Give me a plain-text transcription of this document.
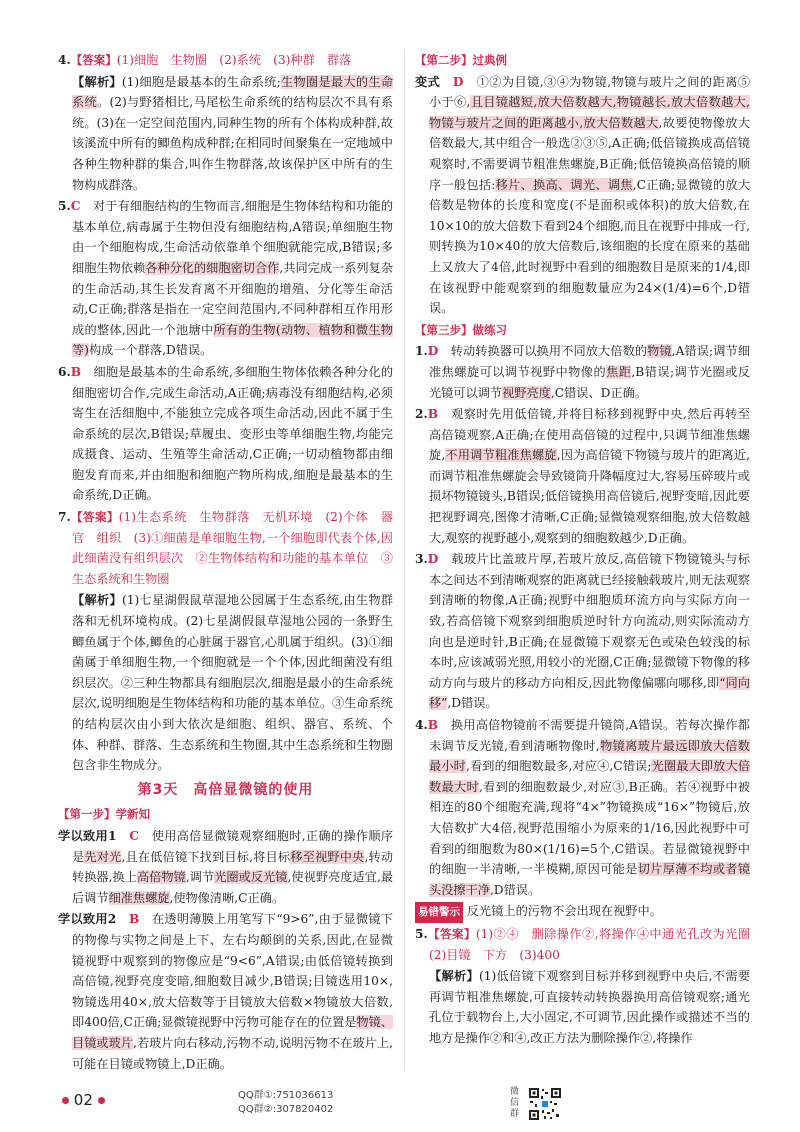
4.【答案】(1)细胞　生物圈　(2)系统　(3)种群　群落

【解析】(1)细胞是最基本的生命系统;生物圈是最大的生命系统。(2)与野猪相比,马尾松生命系统的结构层次不具有系统。(3)在一定空间范围内,同种生物的所有个体构成种群,故该溪流中所有的鲫鱼构成种群;在相同时间聚集在一定地域中各种生物种群的集合,叫作生物群落,故该保护区中所有的生物构成群落。

5.C　 对于有细胞结构的生物而言,细胞是生物体结构和功能的基本单位,病毒属于生物但没有细胞结构,A错误;单细胞生物由一个细胞构成,生命活动依靠单个细胞就能完成,B错误;多细胞生物依赖各种分化的细胞密切合作,共同完成一系列复杂的生命活动,其生长发育离不开细胞的增殖、分化等生命活动,C正确;群落是指在一定空间范围内,不同种群相互作用形成的整体,因此一个池塘中所有的生物(动物、植物和微生物等)构成一个群落,D错误。

6.B　 细胞是最基本的生命系统,多细胞生物体依赖各种分化的细胞密切合作,完成生命活动,A正确;病毒没有细胞结构,必须寄生在活细胞中,不能独立完成各项生命活动,因此不属于生命系统的层次,B错误;草履虫、变形虫等单细胞生物,均能完成摄食、运动、生殖等生命活动,C正确;一切动植物都由细胞发育而来,并由细胞和细胞产物所构成,细胞是最基本的生命系统,D正确。

7.【答案】(1)生态系统　生物群落　无机环境　(2)个体　器官　组织　(3)①细菌是单细胞生物,一个细胞即代表个体,因此细菌没有组织层次　②生物体结构和功能的基本单位　③生态系统和生物圈

【解析】(1)七星湖假鼠草湿地公园属于生态系统,由生物群落和无机环境构成。(2)七星湖假鼠草湿地公园的一条野生鲫鱼属于个体,鲫鱼的心脏属于器官,心肌属于组织。(3)①细菌属于单细胞生物,一个细胞就是一个个体,因此细菌没有组织层次。②三种生物都具有细胞层次,细胞是最小的生命系统层次,说明细胞是生物体结构和功能的基本单位。③生命系统的结构层次由小到大依次是细胞、组织、器官、系统、个体、种群、群落、生态系统和生物圈,其中生态系统和生物圈包含非生物成分。

第3天　高倍显微镜的使用

【第一步】学新知

学以致用1　 C　 使用高倍显微镜观察细胞时,正确的操作顺序是先对光,且在低倍镜下找到目标,将目标移至视野中央,转动转换器,换上高倍物镜,调节光圈或反光镜,使视野亮度适宜,最后调节细准焦螺旋,使物像清晰,C正确。

学以致用2　 B　 在透明薄膜上用笔写下“9>6”,由于显微镜下的物像与实物之间是上下、左右均颠倒的关系,因此,在显微镜视野中观察到的物像应是“9<6”,A错误;由低倍镜转换到高倍镜,视野亮度变暗,细胞数目减少,B错误;目镜选用10×,物镜选用40×,放大倍数等于目镜放大倍数×物镜放大倍数,即400倍,C正确;显微镜视野中污物可能存在的位置是物镜、目镜或玻片,若玻片向右移动,污物不动,说明污物不在玻片上,可能在目镜或物镜上,D正确。

【第二步】过典例

变式　 D　 ①②为目镜,③④为物镜,物镜与玻片之间的距离⑤小于⑥,且目镜越短,放大倍数越大,物镜越长,放大倍数越大,物镜与玻片之间的距离越小,放大倍数越大,故要使物像放大倍数最大,其中组合一般选②③⑤,A正确;低倍镜换成高倍镜观察时,不需要调节粗准焦螺旋,B正确;低倍镜换高倍镜的顺序一般包括:移片、换高、调光、调焦,C正确;显微镜的放大倍数是物体的长度和宽度(不是面积或体积)的放大倍数,在10×10的放大倍数下看到24个细胞,而且在视野中排成一行,则转换为10×40的放大倍数后,该细胞的长度在原来的基础上又放大了4倍,此时视野中看到的细胞数目是原来的1/4,即在该视野中能观察到的细胞数量应为24×(1/4)=6个,D错误。

【第三步】做练习

1.D　 转动转换器可以换用不同放大倍数的物镜,A错误;调节细准焦螺旋可以调节视野中物像的焦距,B错误;调节光圈或反光镜可以调节视野亮度,C错误、D正确。

2.B　 观察时先用低倍镜,并将目标移到视野中央,然后再转至高倍镜观察,A正确;在使用高倍镜的过程中,只调节细准焦螺旋,不用调节粗准焦螺旋,因为高倍镜下物镜与玻片的距离近,而调节粗准焦螺旋会导致镜筒升降幅度过大,容易压碎玻片或损坏物镜镜头,B错误;低倍镜换用高倍镜后,视野变暗,因此要把视野调亮,图像才清晰,C正确;显微镜观察细胞,放大倍数越大,观察的视野越小,观察到的细胞数越少,D正确。

3.D　 载玻片比盖玻片厚,若玻片放反,高倍镜下物镜镜头与标本之间达不到清晰观察的距离就已经接触载玻片,则无法观察到清晰的物像,A正确;视野中细胞质环流方向与实际方向一致,若高倍镜下观察到细胞质逆时针方向流动,则实际流动方向也是逆时针,B正确;在显微镜下观察无色或染色较浅的标本时,应该减弱光照,用较小的光圈,C正确;显微镜下物像的移动方向与玻片的移动方向相反,因此物像偏哪向哪移,即“同向移”,D错误。

4.B　 换用高倍物镜前不需要提升镜筒,A错误。若每次操作都未调节反光镜,看到清晰物像时,物镜离玻片最远即放大倍数最小时,看到的细胞数最多,对应④,C错误;光圈最大即放大倍数最大时,看到的细胞数最少,对应③,B正确。若④视野中被相连的80个细胞充满,现将“4×”物镜换成“16×”物镜后,放大倍数扩大4倍,视野范围缩小为原来的1/16,因此视野中可看到的细胞数为80×(1/16)=5个,C错误。若显微镜视野中的细胞一半清晰,一半模糊,原因可能是切片厚薄不均或者镜头没擦干净,D错误。

易错警示 反光镜上的污物不会出现在视野中。

5.【答案】(1)②④　删除操作②,将操作④中通光孔改为光圈　(2)目镜　下方　(3)400

【解析】(1)低倍镜下观察到目标并移到视野中央后,不需要再调节粗准焦螺旋,可直接转动转换器换用高倍镜观察;通光孔位于载物台上,大小固定,不可调节,因此操作或描述不当的地方是操作②和④,改正方法为删除操作②,将操作

02	QQ群①:751036613
QQ群②:307820402
微信群
